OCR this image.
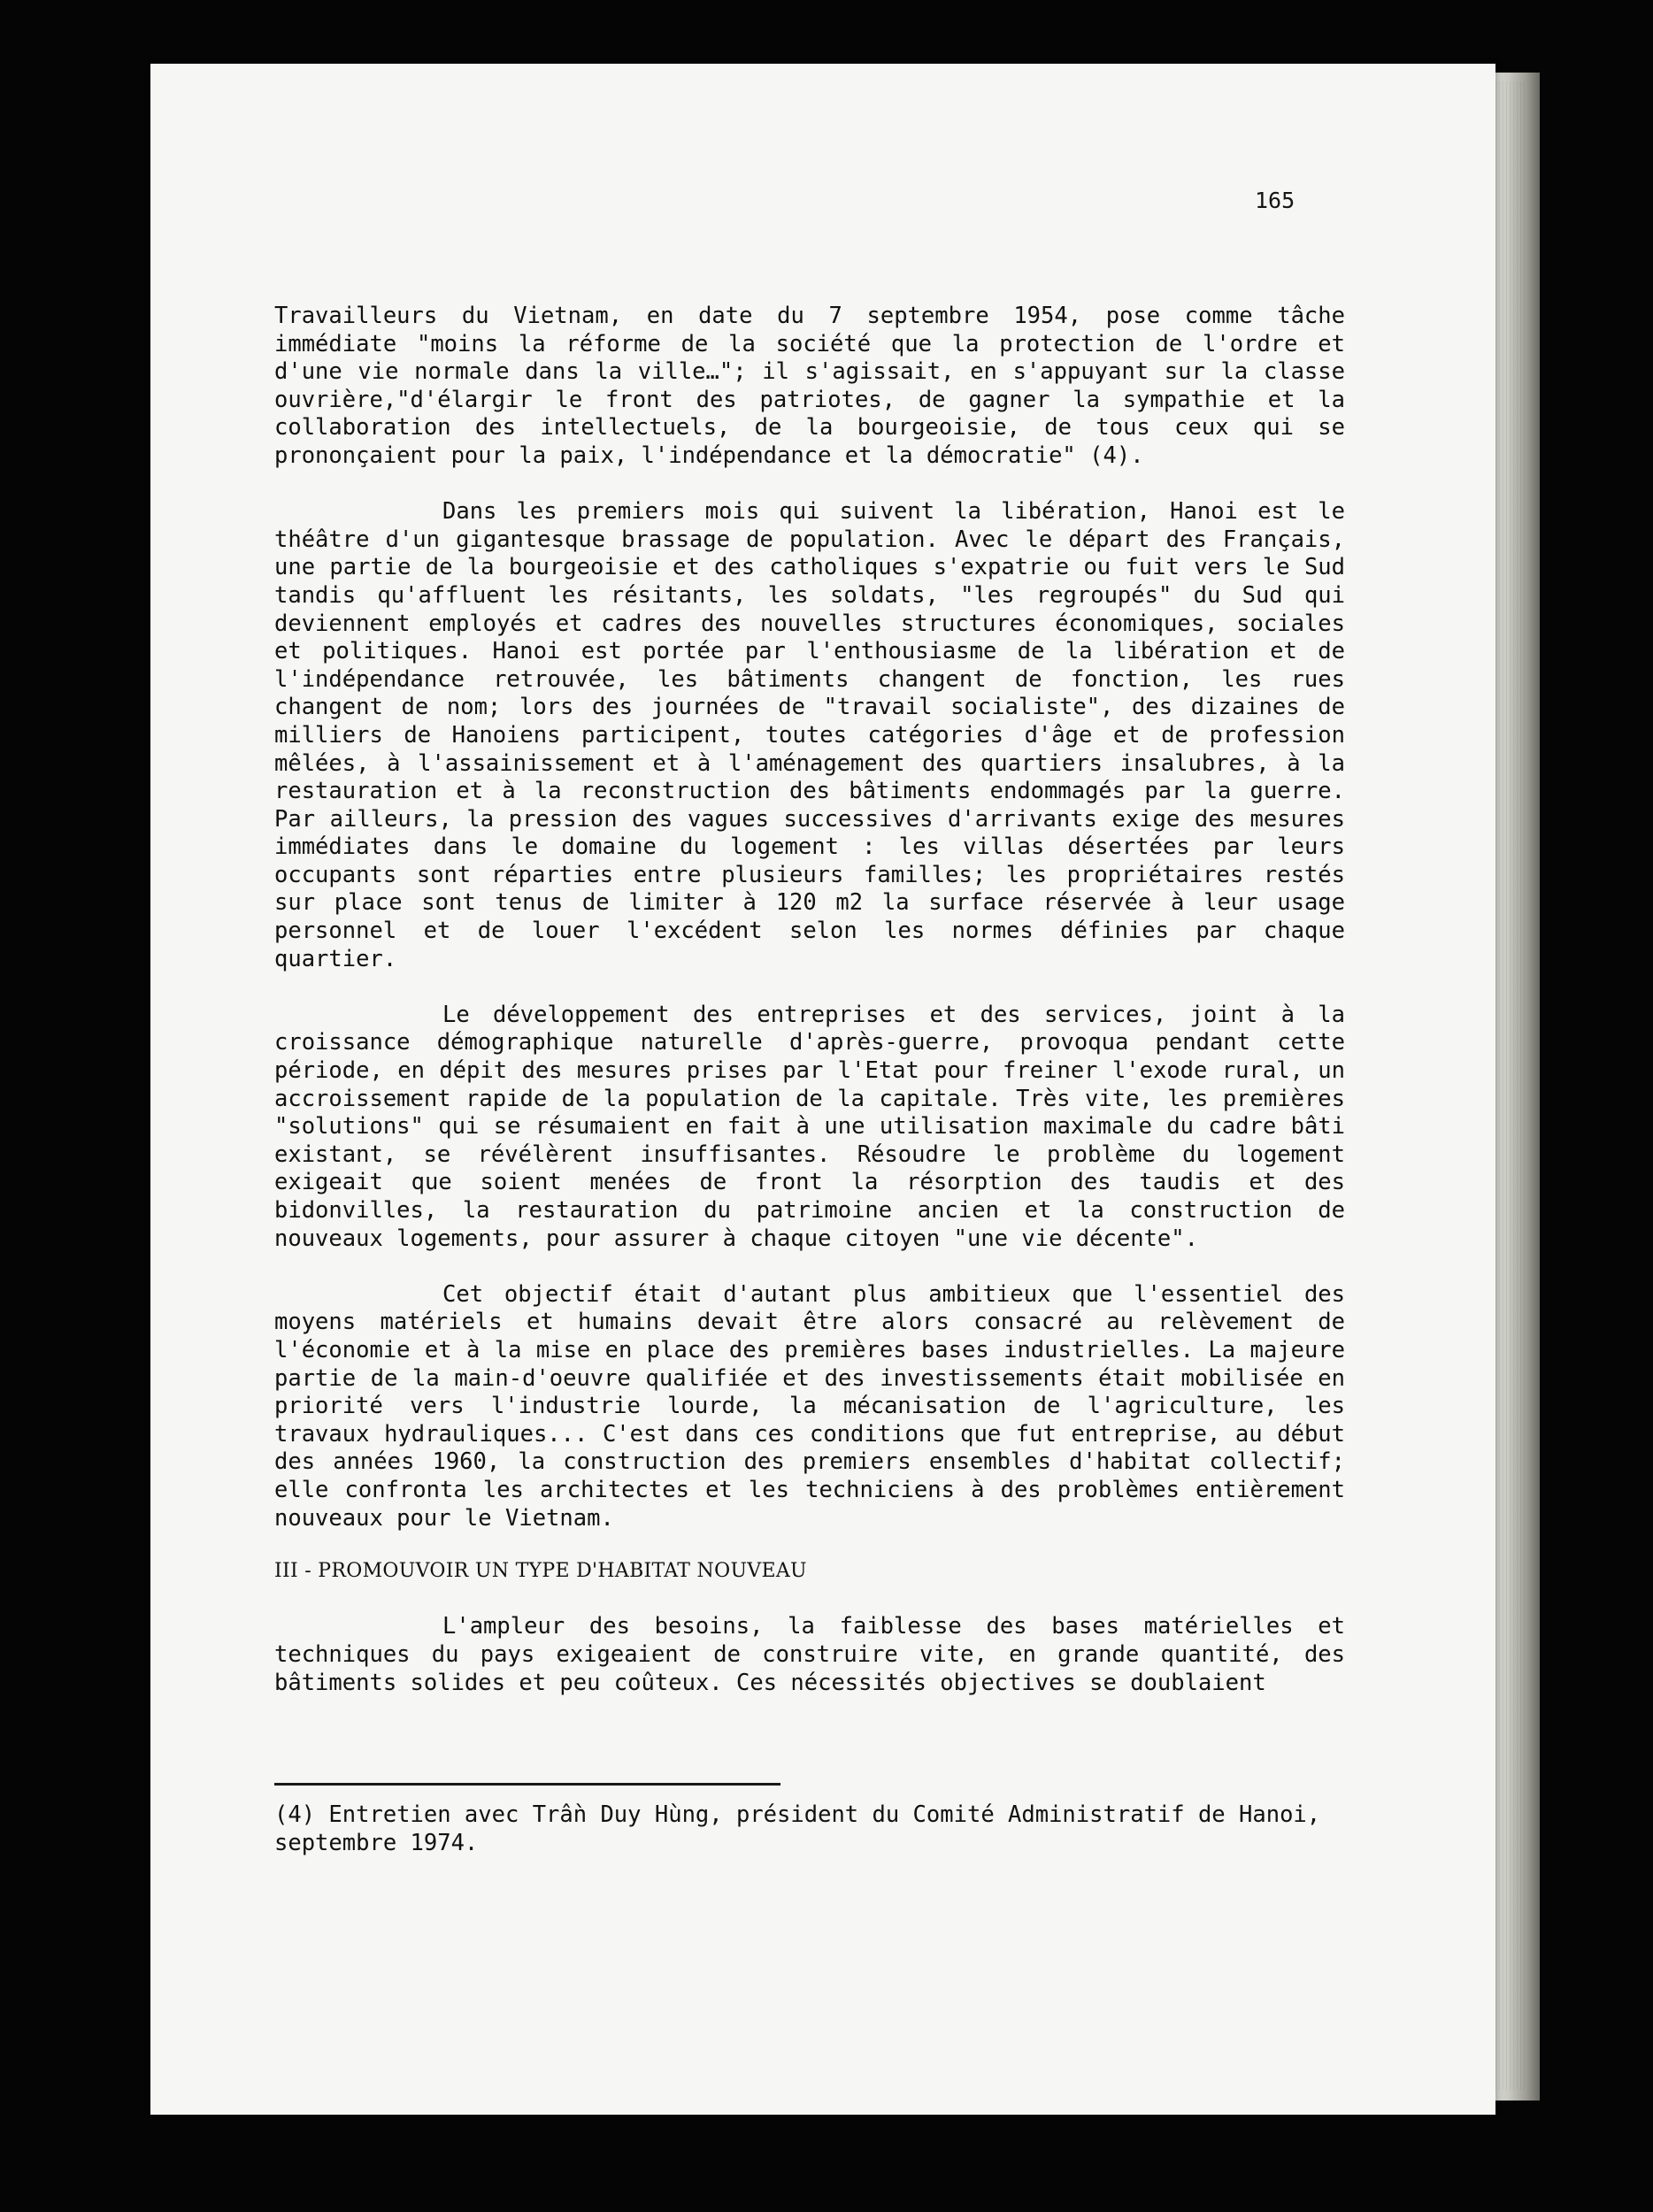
165

Travailleurs du Vietnam, en date du 7 septembre 1954, pose comme tâche immédiate "moins la réforme de la société que la protection de l'ordre et d'une vie normale dans la ville…"; il s'agissait, en s'appuyant sur la classe ouvrière,"d'élargir le front des patriotes, de gagner la sympathie et la collaboration des intellectuels, de la bourgeoisie, de tous ceux qui se prononçaient pour la paix, l'indépendance et la démocratie" (4).

Dans les premiers mois qui suivent la libération, Hanoi est le théâtre d'un gigantesque brassage de population. Avec le départ des Français, une partie de la bourgeoisie et des catholiques s'expatrie ou fuit vers le Sud tandis qu'affluent les résitants, les soldats, "les regroupés" du Sud qui deviennent employés et cadres des nouvelles structures économiques, sociales et politiques. Hanoi est portée par l'enthousiasme de la libération et de l'indépendance retrouvée, les bâtiments changent de fonction, les rues changent de nom; lors des journées de "travail socialiste", des dizaines de milliers de Hanoiens participent, toutes catégories d'âge et de profession mêlées, à l'assainissement et à l'aménagement des quartiers insalubres, à la restauration et à la reconstruction des bâtiments endommagés par la guerre. Par ailleurs, la pression des vagues successives d'arrivants exige des mesures immédiates dans le domaine du logement : les villas désertées par leurs occupants sont réparties entre plusieurs familles; les propriétaires restés sur place sont tenus de limiter à 120 m2 la surface réservée à leur usage personnel et de louer l'excédent selon les normes définies par chaque quartier.

Le développement des entreprises et des services, joint à la croissance démographique naturelle d'après-guerre, provoqua pendant cette période, en dépit des mesures prises par l'Etat pour freiner l'exode rural, un accroissement rapide de la population de la capitale. Très vite, les premières "solutions" qui se résumaient en fait à une utilisation maximale du cadre bâti existant, se révélèrent insuffisantes. Résoudre le problème du logement exigeait que soient menées de front la résorption des taudis et des bidonvilles, la restauration du patrimoine ancien et la construction de nouveaux logements, pour assurer à chaque citoyen "une vie décente".

Cet objectif était d'autant plus ambitieux que l'essentiel des moyens matériels et humains devait être alors consacré au relèvement de l'économie et à la mise en place des premières bases industrielles. La majeure partie de la main-d'oeuvre qualifiée et des investissements était mobilisée en priorité vers l'industrie lourde, la mécanisation de l'agriculture, les travaux hydrauliques... C'est dans ces conditions que fut entreprise, au début des années 1960, la construction des premiers ensembles d'habitat collectif; elle confronta les architectes et les techniciens à des problèmes entièrement nouveaux pour le Vietnam.

III - PROMOUVOIR UN TYPE D'HABITAT NOUVEAU

L'ampleur des besoins, la faiblesse des bases matérielles et techniques du pays exigeaient de construire vite, en grande quantité, des bâtiments solides et peu coûteux. Ces nécessités objectives se doublaient

(4) Entretien avec Trần Duy Hùng, président du Comité Administratif de Hanoi, septembre 1974.
